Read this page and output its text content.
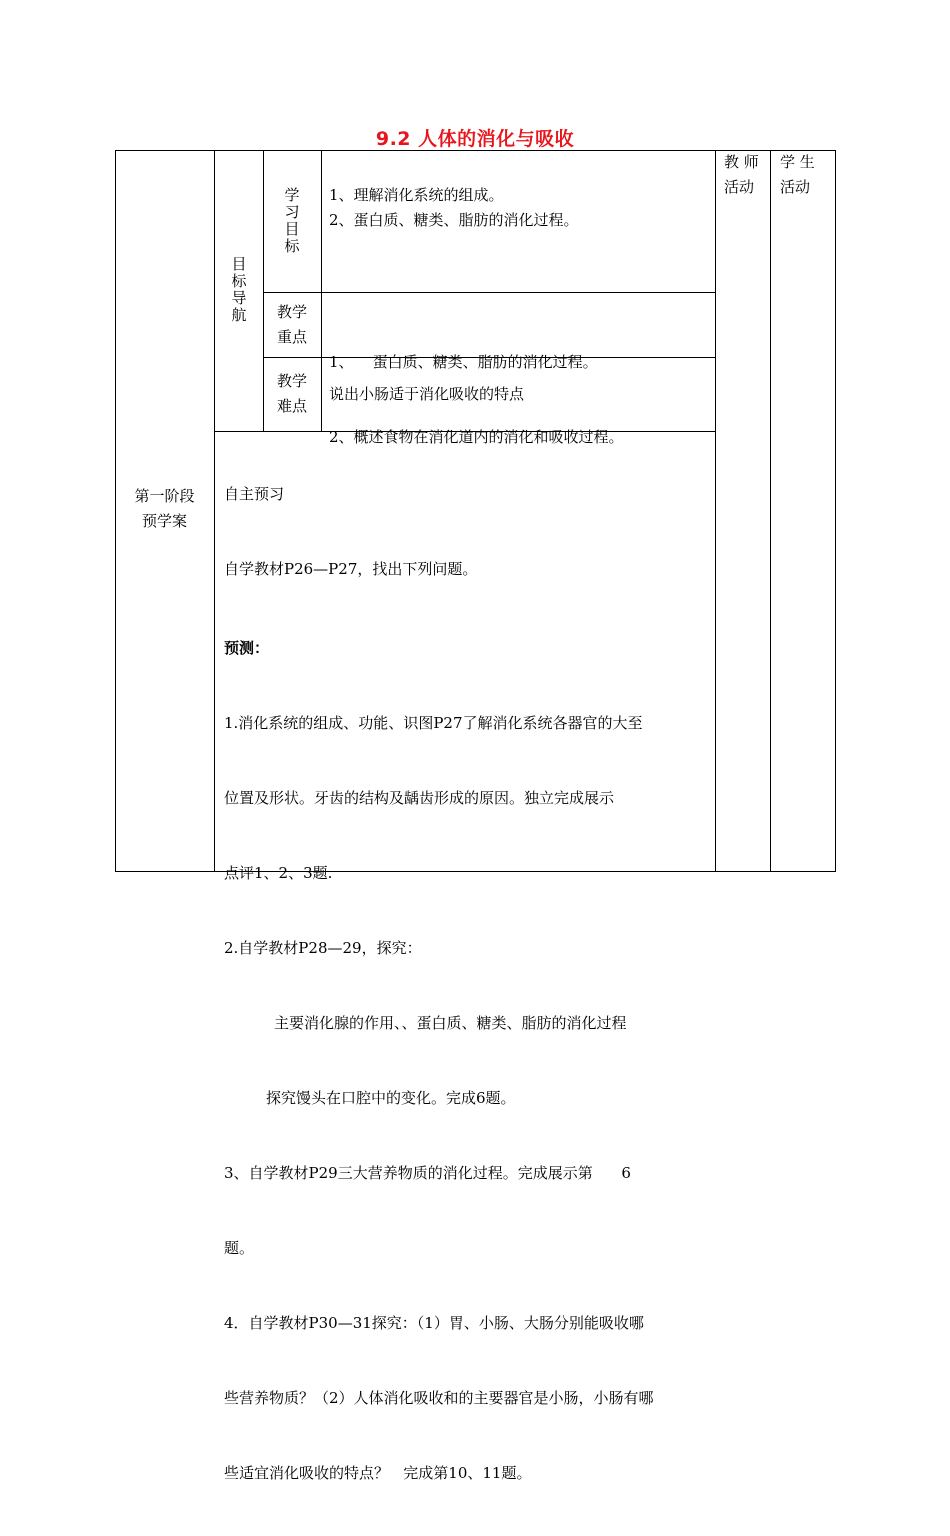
9.2 人体的消化与吸收
教 师
活动
学 生
活动
第一阶段
预学案
目标导航
学习目标
1、理解消化系统的组成。
2、蛋白质、糖类、脂肪的消化过程。
教学
重点

1、    蛋白质、糖类、脂肪的消化过程。

2、概述食物在消化道内的消化和吸收过程。

教学
难点
说出小肠适于消化吸收的特点

自主预习

自学教材P26—P27，找出下列问题。

预测：

1.消化系统的组成、功能、识图P27了解消化系统各器官的大至

位置及形状。牙齿的结构及龋齿形成的原因。独立完成展示

点评1、2、3题.

2.自学教材P28—29，探究：

主要消化腺的作用、、蛋白质、糖类、脂肪的消化过程

探究馒头在口腔中的变化。完成6题。

3、自学教材P29三大营养物质的消化过程。完成展示第      6

题。

4．自学教材P30—31探究：（1）胃、小肠、大肠分别能吸收哪

些营养物质？（2）人体消化吸收和的主要器官是小肠，小肠有哪

些适宜消化吸收的特点？   完成第10、11题。
